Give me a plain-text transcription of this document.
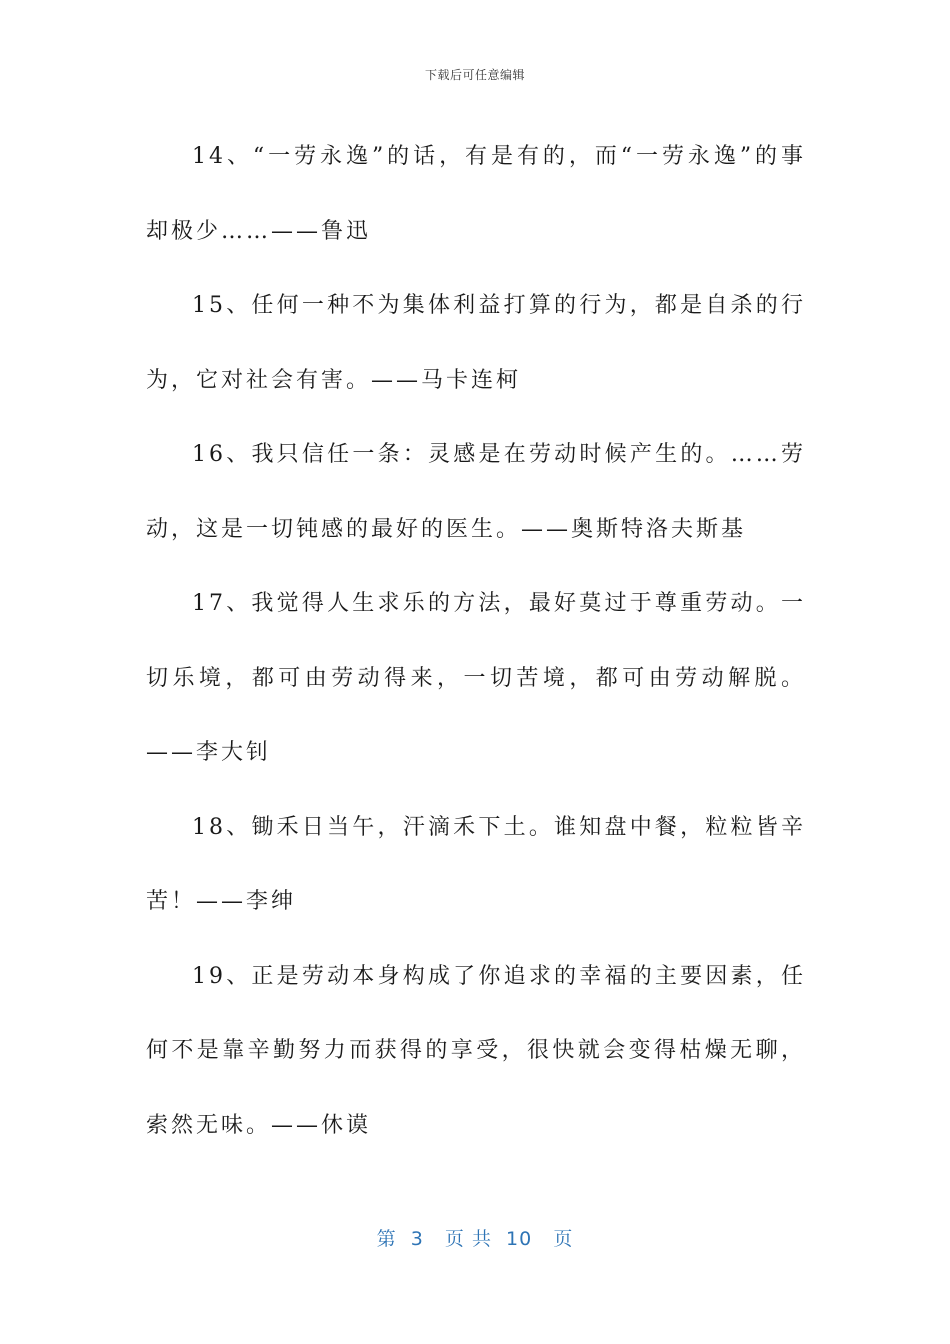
下载后可任意编辑

14、“一劳永逸”的话，有是有的，而“一劳永逸”的事却极少……——鲁迅

15、任何一种不为集体利益打算的行为，都是自杀的行为，它对社会有害。——马卡连柯

16、我只信任一条：灵感是在劳动时候产生的。……劳动，这是一切钝感的最好的医生。——奥斯特洛夫斯基

17、我觉得人生求乐的方法，最好莫过于尊重劳动。一切乐境，都可由劳动得来，一切苦境，都可由劳动解脱。——李大钊

18、锄禾日当午，汗滴禾下土。谁知盘中餐，粒粒皆辛苦！——李绅

19、正是劳动本身构成了你追求的幸福的主要因素，任何不是靠辛勤努力而获得的享受，很快就会变得枯燥无聊，索然无味。——休谟

第  3   页 共  10   页
